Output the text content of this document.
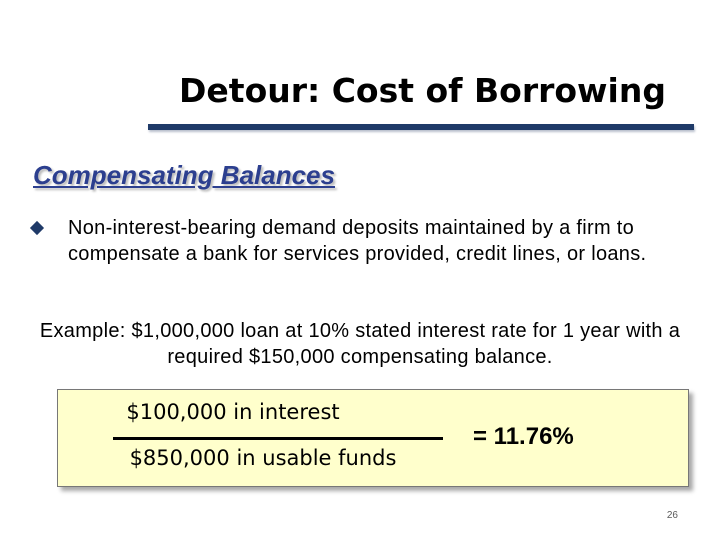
Detour: Cost of Borrowing
Compensating Balances
Non-interest-bearing demand deposits maintained by a firm to compensate a bank for services provided, credit lines, or loans.
Example: $1,000,000 loan at 10% stated interest rate for 1 year with a required $150,000 compensating balance.
$100,000 in interest
$850,000 in usable funds
= 11.76%
26
